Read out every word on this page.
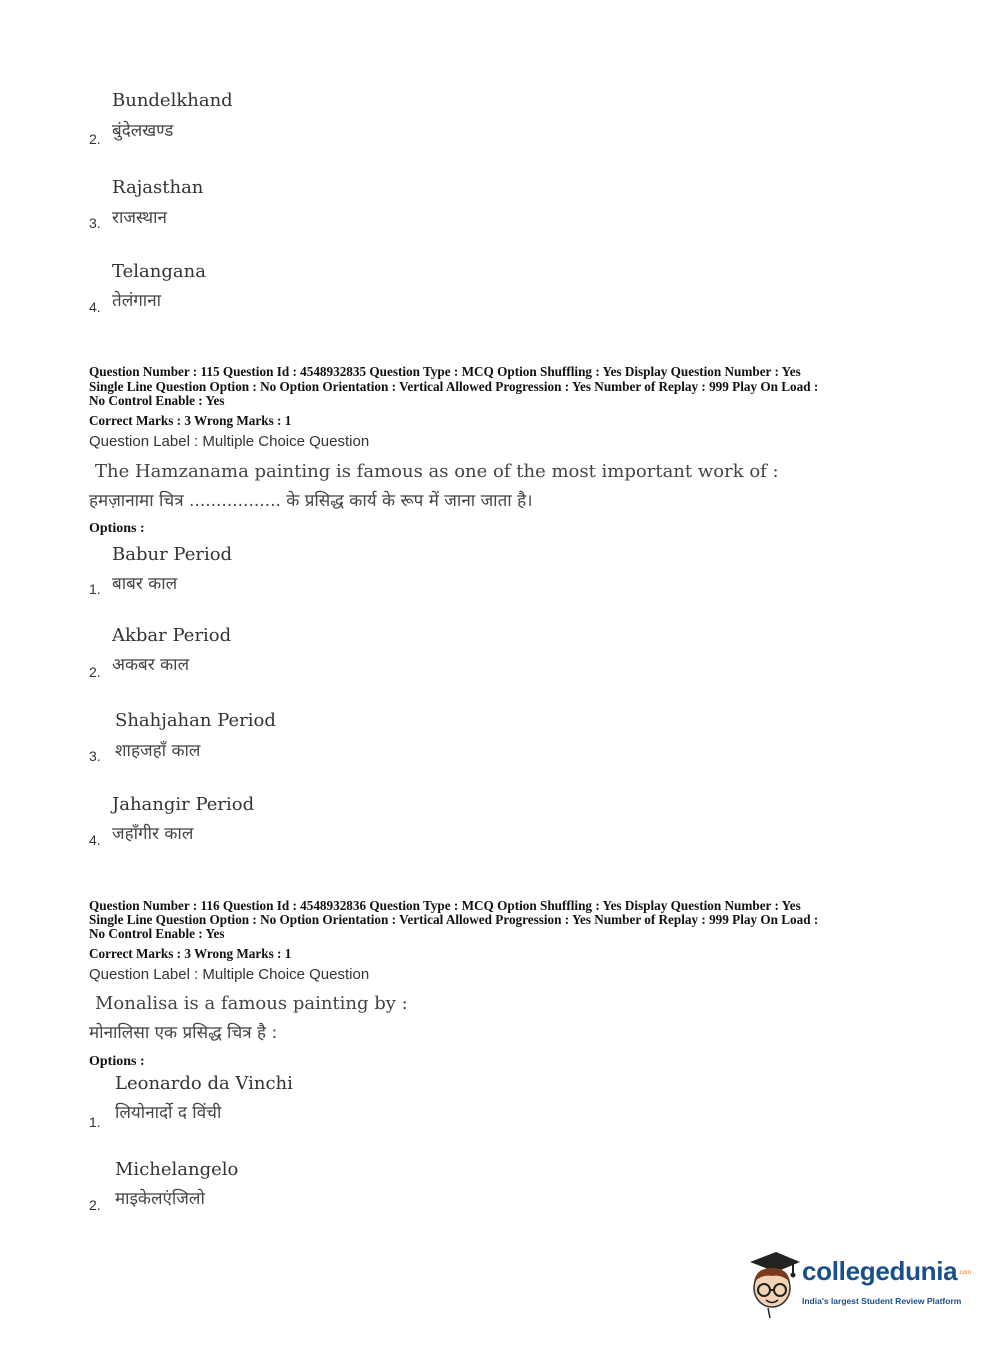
Bundelkhand
बुंदेलखण्ड
2.
Rajasthan
राजस्थान
3.
Telangana
तेलंगाना
4.
Question Number : 115 Question Id : 4548932835 Question Type : MCQ Option Shuffling : Yes Display Question Number : Yes
Single Line Question Option : No Option Orientation : Vertical Allowed Progression : Yes Number of Replay : 999 Play On Load :
No Control Enable : Yes
Correct Marks : 3 Wrong Marks : 1
Question Label : Multiple Choice Question
The Hamzanama painting is famous as one of the most important work of :
हमज़ानामा चित्र ................. के प्रसिद्ध कार्य के रूप में जाना जाता है।
Options :
Babur Period
बाबर काल
1.
Akbar Period
अकबर काल
2.
Shahjahan Period
शाहजहाँ काल
3.
Jahangir Period
जहाँगीर काल
4.
Question Number : 116 Question Id : 4548932836 Question Type : MCQ Option Shuffling : Yes Display Question Number : Yes
Single Line Question Option : No Option Orientation : Vertical Allowed Progression : Yes Number of Replay : 999 Play On Load :
No Control Enable : Yes
Correct Marks : 3 Wrong Marks : 1
Question Label : Multiple Choice Question
Monalisa is a famous painting by :
मोनालिसा एक प्रसिद्ध चित्र है :
Options :
Leonardo da Vinchi
लियोनार्दो द विंची
1.
Michelangelo
माइकेलएंजिलो
2.
collegedunia .com
India's largest Student Review Platform
